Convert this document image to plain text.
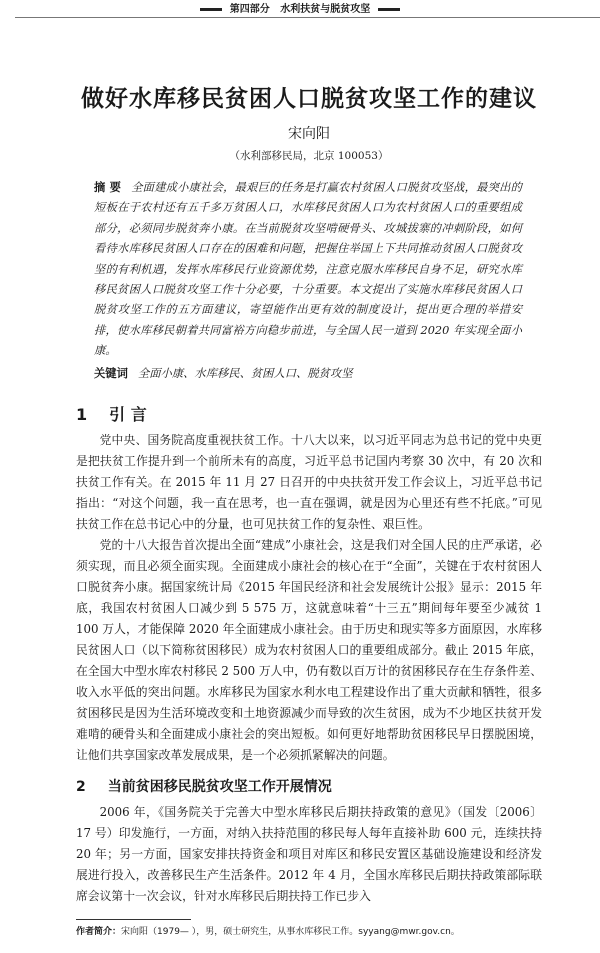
第四部分 水利扶贫与脱贫攻坚
做好水库移民贫困人口脱贫攻坚工作的建议
宋向阳
（水利部移民局，北京 100053）
摘 要 全面建成小康社会，最艰巨的任务是打赢农村贫困人口脱贫攻坚战，最突出的短板在于农村还有五千多万贫困人口，水库移民贫困人口为农村贫困人口的重要组成部分，必须同步脱贫奔小康。在当前脱贫攻坚啃硬骨头、攻城拔寨的冲刺阶段，如何看待水库移民贫困人口存在的困难和问题，把握住举国上下共同推动贫困人口脱贫攻坚的有利机遇，发挥水库移民行业资源优势，注意克服水库移民自身不足，研究水库移民贫困人口脱贫攻坚工作十分必要，十分重要。本文提出了实施水库移民贫困人口脱贫攻坚工作的五方面建议，寄望能作出更有效的制度设计，提出更合理的举措安排，使水库移民朝着共同富裕方向稳步前进，与全国人民一道到 2020 年实现全面小康。
关键词 全面小康、水库移民、贫困人口、脱贫攻坚
1 引 言

党中央、国务院高度重视扶贫工作。十八大以来，以习近平同志为总书记的党中央更是把扶贫工作提升到一个前所未有的高度，习近平总书记国内考察 30 次中，有 20 次和扶贫工作有关。在 2015 年 11 月 27 日召开的中央扶贫开发工作会议上，习近平总书记指出：“对这个问题，我一直在思考，也一直在强调，就是因为心里还有些不托底。”可见扶贫工作在总书记心中的分量，也可见扶贫工作的复杂性、艰巨性。

党的十八大报告首次提出全面“建成”小康社会，这是我们对全国人民的庄严承诺，必须实现，而且必须全面实现。全面建成小康社会的核心在于“全面”，关键在于农村贫困人口脱贫奔小康。据国家统计局《2015 年国民经济和社会发展统计公报》显示：2015 年底，我国农村贫困人口减少到 5 575 万，这就意味着“十三五”期间每年要至少减贫 1 100 万人，才能保障 2020 年全面建成小康社会。由于历史和现实等多方面原因，水库移民贫困人口（以下简称贫困移民）成为农村贫困人口的重要组成部分。截止 2015 年底，在全国大中型水库农村移民 2 500 万人中，仍有数以百万计的贫困移民存在生存条件差、收入水平低的突出问题。水库移民为国家水利水电工程建设作出了重大贡献和牺牲，很多贫困移民是因为生活环境改变和土地资源减少而导致的次生贫困，成为不少地区扶贫开发难啃的硬骨头和全面建成小康社会的突出短板。如何更好地帮助贫困移民早日摆脱困境，让他们共享国家改革发展成果，是一个必须抓紧解决的问题。

2 当前贫困移民脱贫攻坚工作开展情况

2006 年，《国务院关于完善大中型水库移民后期扶持政策的意见》（国发〔2006〕17 号）印发施行，一方面，对纳入扶持范围的移民每人每年直接补助 600 元，连续扶持 20 年；另一方面，国家安排扶持资金和项目对库区和移民安置区基础设施建设和经济发展进行投入，改善移民生产生活条件。2012 年 4 月，全国水库移民后期扶持政策部际联席会议第十一次会议，针对水库移民后期扶持工作已步入

作者简介：宋向阳（1979— ），男，硕士研究生，从事水库移民工作。syyang@mwr.gov.cn。
